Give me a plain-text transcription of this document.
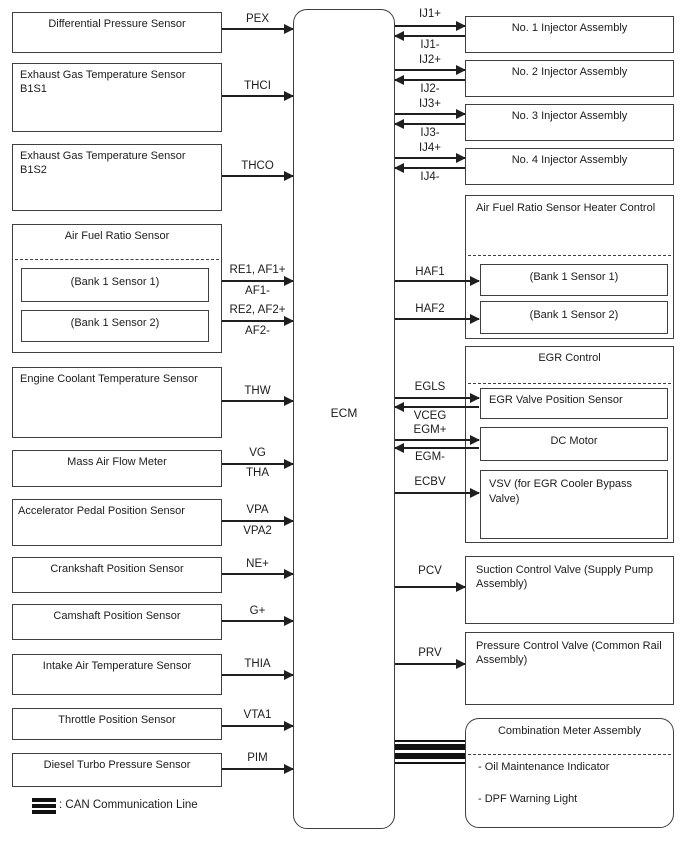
Differential Pressure Sensor
Exhaust Gas Temperature Sensor B1S1
Exhaust Gas Temperature Sensor B1S2
Air Fuel Ratio Sensor
(Bank 1 Sensor 1)
(Bank 1 Sensor 2)
Engine Coolant Temperature Sensor
Mass Air Flow Meter
Accelerator Pedal Position Sensor
Crankshaft Position Sensor
Camshaft Position Sensor
Intake Air Temperature Sensor
Throttle Position Sensor
Diesel Turbo Pressure Sensor
PEX
THCI
THCO
RE1, AF1+
AF1-
RE2, AF2+
AF2-
THW
VG
THA
VPA
VPA2
NE+
G+
THIA
VTA1
PIM
ECM
No. 1 Injector Assembly
No. 2 Injector Assembly
No. 3 Injector Assembly
No. 4 Injector Assembly
Air Fuel Ratio Sensor Heater Control
(Bank 1 Sensor 1)
(Bank 1 Sensor 2)
EGR Control
EGR Valve Position Sensor
DC Motor
VSV (for EGR Cooler Bypass Valve)
Suction Control Valve (Supply Pump Assembly)
Pressure Control Valve (Common Rail Assembly)
Combination Meter Assembly
- Oil Maintenance Indicator
- DPF Warning Light
IJ1+
IJ1-
IJ2+
IJ2-
IJ3+
IJ3-
IJ4+
IJ4-
HAF1
HAF2
EGLS
VCEG
EGM+
EGM-
ECBV
PCV
PRV
: CAN Communication Line
